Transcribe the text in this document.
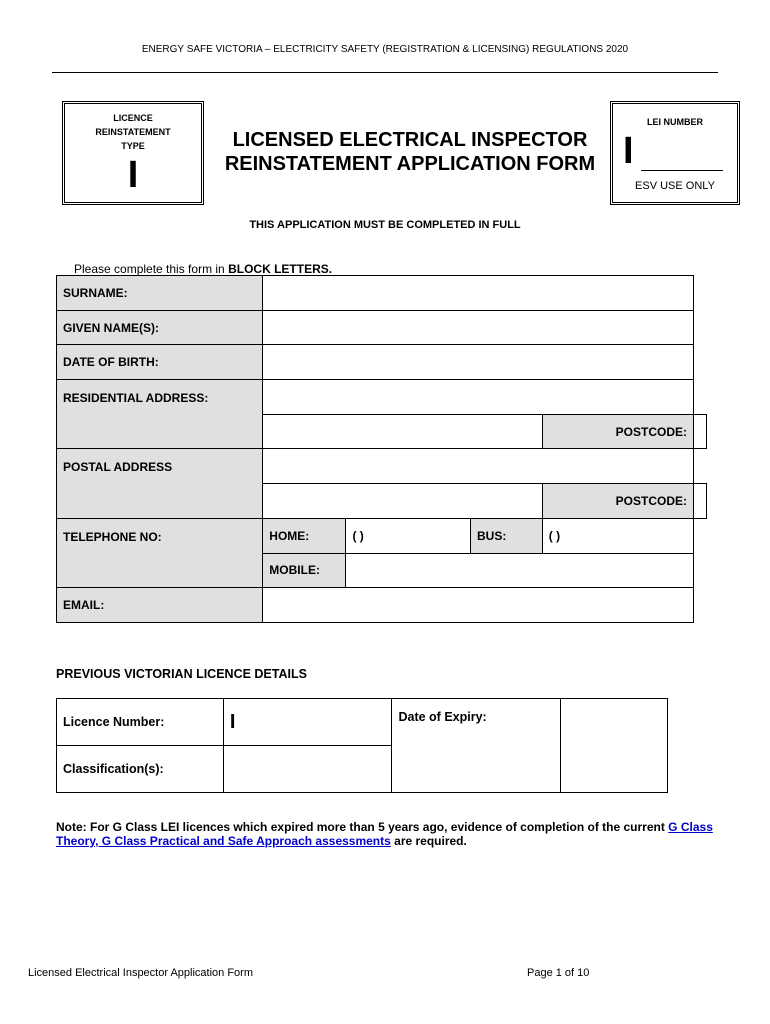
ENERGY SAFE VICTORIA – ELECTRICITY SAFETY (REGISTRATION & LICENSING) REGULATIONS 2020
LICENCE
REINSTATEMENT
TYPE
I
LICENSED ELECTRICAL INSPECTOR
REINSTATEMENT APPLICATION FORM
LEI NUMBER
I
ESV USE ONLY
THIS APPLICATION MUST BE COMPLETED IN FULL
Please complete this form in BLOCK LETTERS.
SURNAME:					
GIVEN NAME(S):					
DATE OF BIRTH:					
RESIDENTIAL ADDRESS:					
				POSTCODE:	
POSTAL ADDRESS					
				POSTCODE:	
TELEPHONE NO:	HOME:	( )	BUS:	( )	
	MOBILE:				
EMAIL:					
PREVIOUS VICTORIAN LICENCE DETAILS
Licence Number:	I	Date of Expiry:	
Classification(s):			
Note: For G Class LEI licences which expired more than 5 years ago, evidence of completion of the current G Class Theory, G Class Practical and Safe Approach assessments are required.
Licensed Electrical Inspector Application Form	Page 1 of 10
